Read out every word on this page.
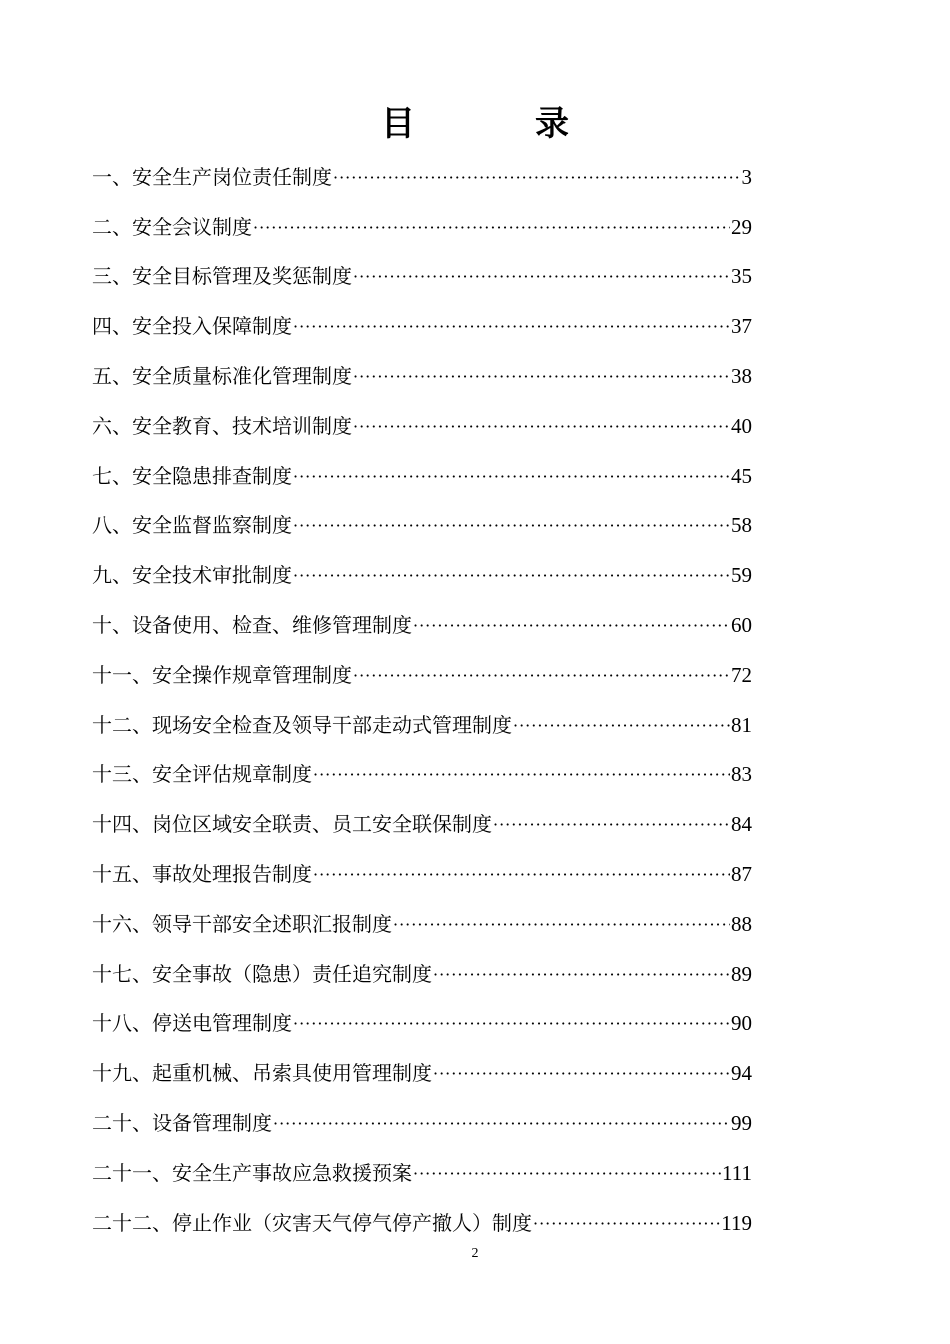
目	录
一、安全生产岗位责任制度 ·····	3
二、安全会议制度 ·····	29
三、安全目标管理及奖惩制度 ·····	35
四、安全投入保障制度 ·····	37
五、安全质量标准化管理制度 ·····	38
六、安全教育、技术培训制度 ·····	40
七、安全隐患排查制度 ·····	45
八、安全监督监察制度 ·····	58
九、安全技术审批制度 ·····	59
十、设备使用、检查、维修管理制度 ·····	60
十一、安全操作规章管理制度 ·····	72
十二、现场安全检查及领导干部走动式管理制度 ·····	81
十三、安全评估规章制度 ·····	83
十四、岗位区域安全联责、员工安全联保制度 ·····	84
十五、事故处理报告制度 ·····	87
十六、领导干部安全述职汇报制度 ·····	88
十七、安全事故（隐患）责任追究制度 ·····	89
十八、停送电管理制度 ·····	90
十九、起重机械、吊索具使用管理制度 ·····	94
二十、设备管理制度 ·····	99
二十一、安全生产事故应急救援预案 ·····	111
二十二、停止作业（灾害天气停气停产撤人）制度 ·····	119
2
